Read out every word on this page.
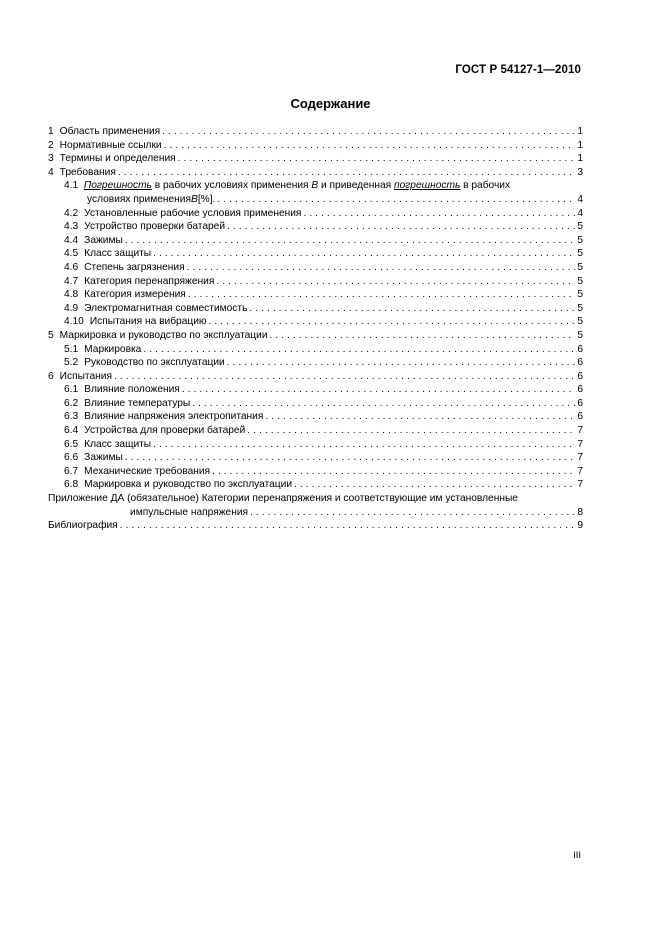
ГОСТ Р 54127-1—2010
Содержание
1 Область применения . . .	1
2 Нормативные ссылки . . .	1
3 Термины и определения . . .	1
4 Требования . . .	3
4.1 Погрешность в рабочих условиях применения B и приведенная погрешность в рабочих
условиях применения B [%]. . . .	4
4.2 Установленные рабочие условия применения . . .	4
4.3 Устройство проверки батарей . . .	5
4.4 Зажимы . . .	5
4.5 Класс защиты . . .	5
4.6 Степень загрязнения . . .	5
4.7 Категория перенапряжения . . .	5
4.8 Категория измерения . . .	5
4.9 Электромагнитная совместимость . . .	5
4.10 Испытания на вибрацию . . .	5
5 Маркировка и руководство по эксплуатации . . .	5
5.1 Маркировка . . .	6
5.2 Руководство по эксплуатации . . .	6
6 Испытания . . .	6
6.1 Влияние положения . . .	6
6.2 Влияние температуры . . .	6
6.3 Влияние напряжения электропитания . . .	6
6.4 Устройства для проверки батарей . . .	7
6.5 Класс защиты . . .	7
6.6 Зажимы . . .	7
6.7 Механические требования . . .	7
6.8 Маркировка и руководство по эксплуатации . . .	7
Приложение ДА (обязательное) Категории перенапряжения и соответствующие им установленные
импульсные напряжения . . .	8
Библиография . . .	9
III
